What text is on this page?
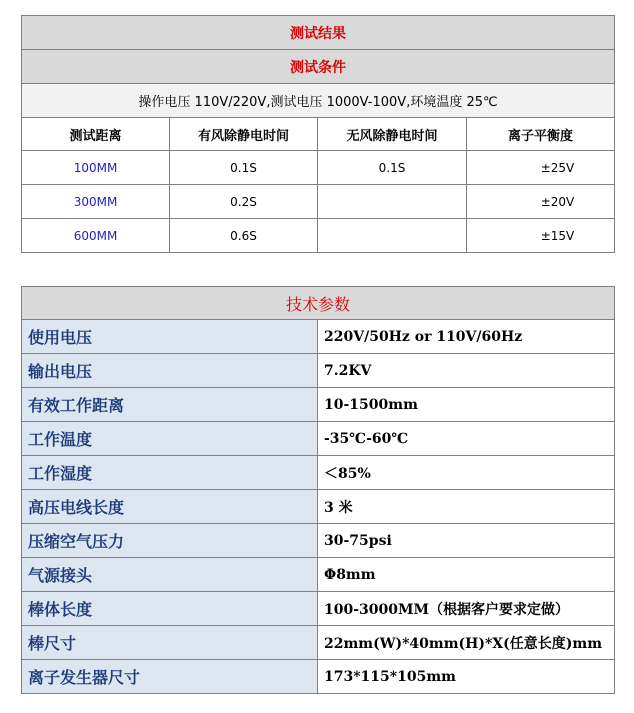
测试结果			
测试条件			
操作电压 110V/220V,测试电压 1000V-100V,环境温度 25℃			
测试距离	有风除静电时间	无风除静电时间	离子平衡度
100MM	0.1S	0.1S	±25V
300MM	0.2S		±20V
600MM	0.6S		±15V
技术参数	
使用电压	220V/50Hz or 110V/60Hz
输出电压	7.2KV
有效工作距离	10-1500mm
工作温度	-35℃-60℃
工作湿度	＜85%
高压电线长度	3 米
压缩空气压力	30-75psi
气源接头	Φ8mm
棒体长度	100-3000MM（根据客户要求定做）
棒尺寸	22mm(W)*40mm(H)*X(任意长度)mm
离子发生器尺寸	173*115*105mm
